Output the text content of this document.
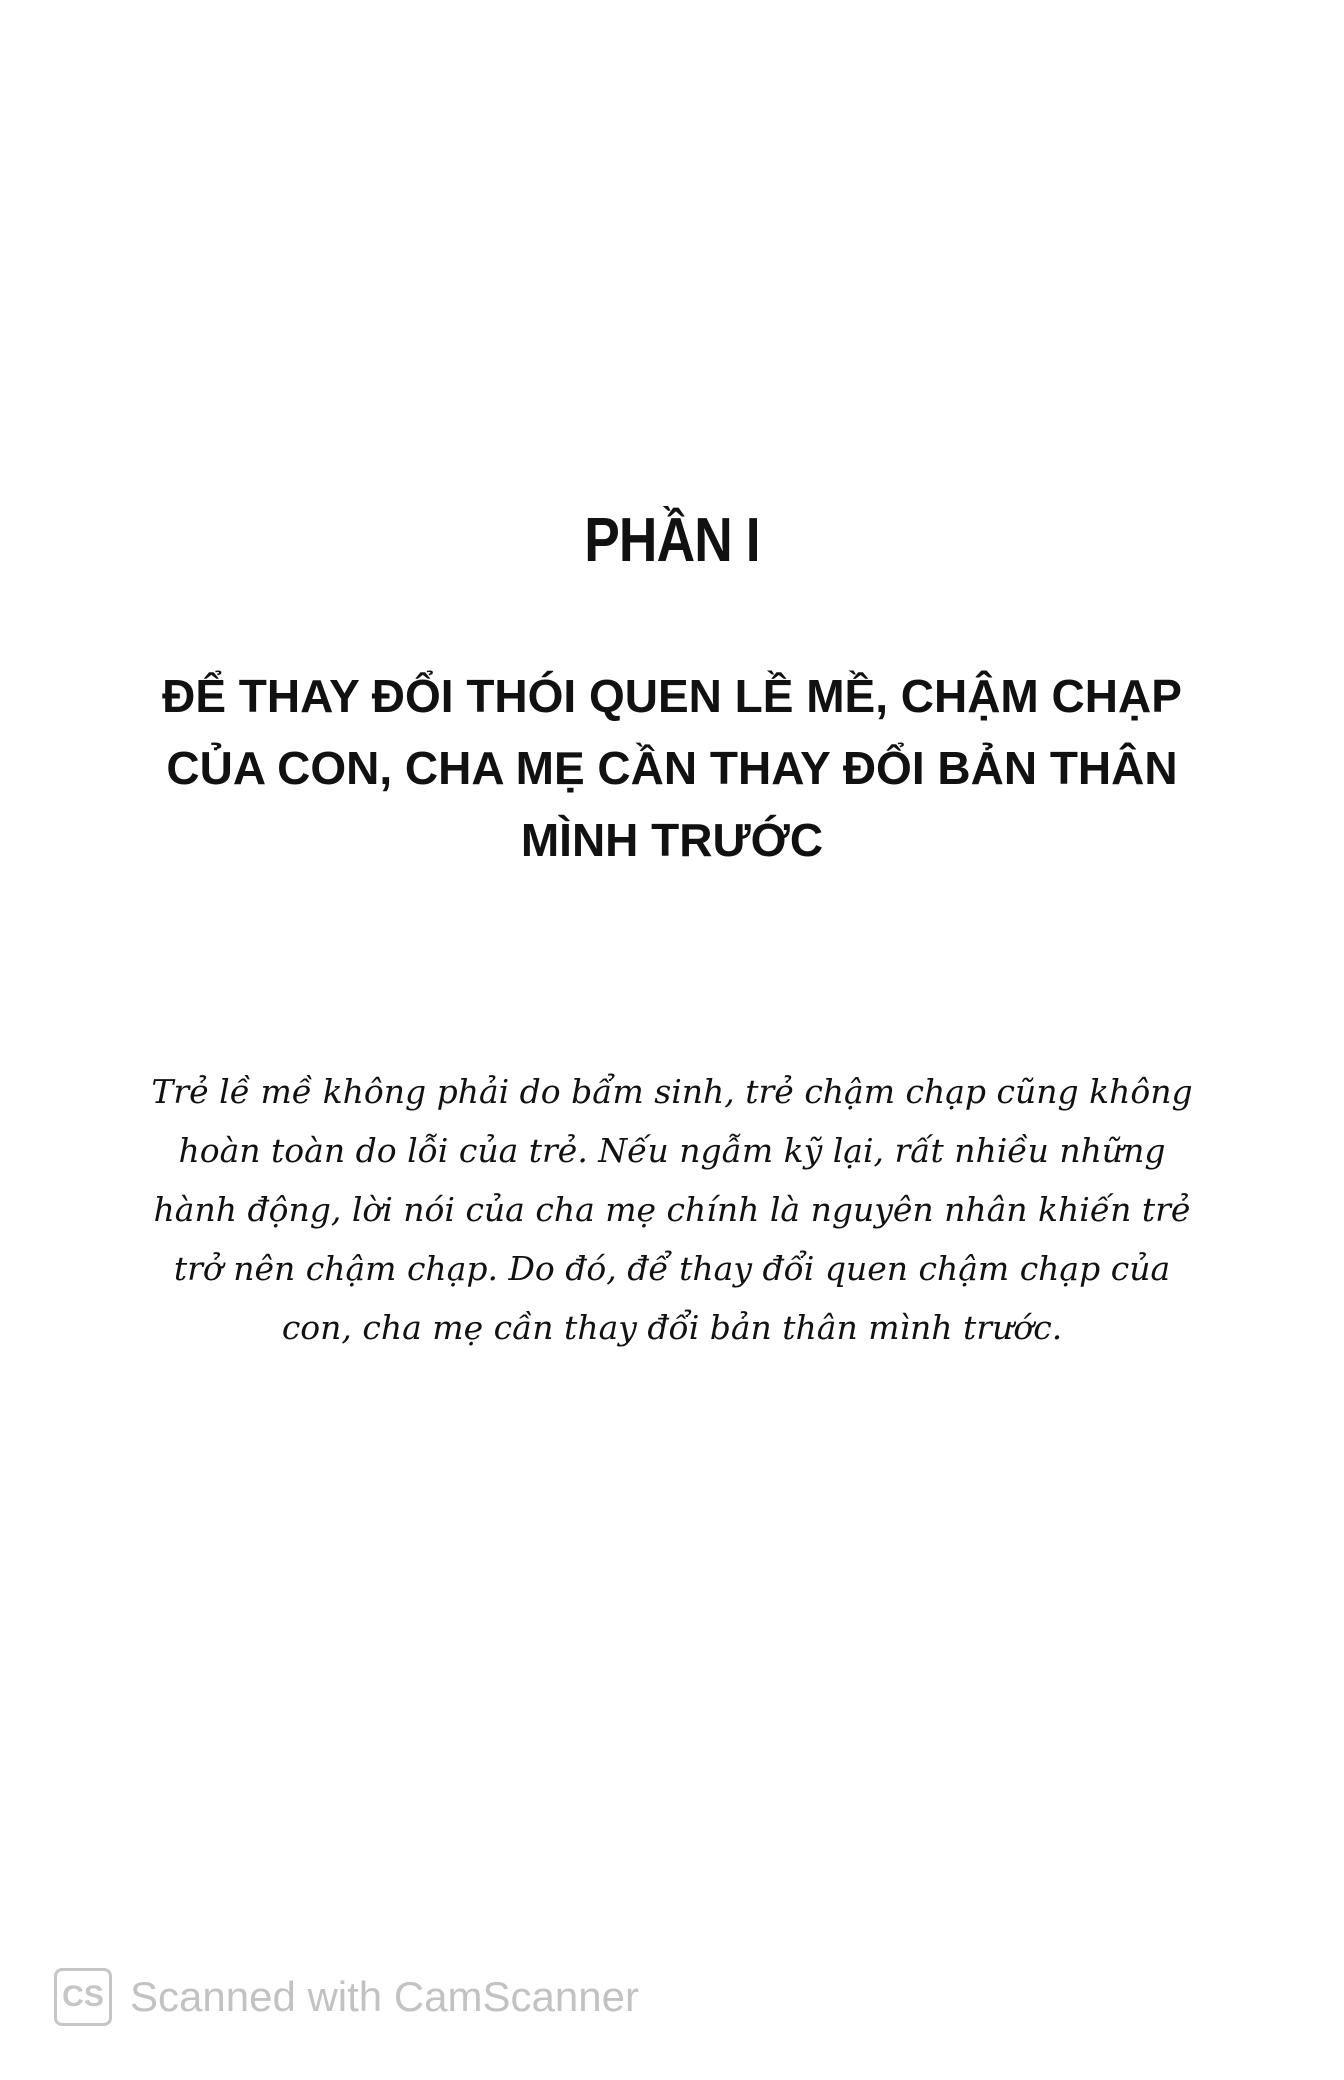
PHẦN I
ĐỂ THAY ĐỔI THÓI QUEN LỀ MỀ, CHẬM CHẠP
CỦA CON, CHA MẸ CẦN THAY ĐỔI BẢN THÂN
MÌNH TRƯỚC
Trẻ lề mề không phải do bẩm sinh, trẻ chậm chạp cũng không
hoàn toàn do lỗi của trẻ. Nếu ngẫm kỹ lại, rất nhiều những
hành động, lời nói của cha mẹ chính là nguyên nhân khiến trẻ
trở nên chậm chạp. Do đó, để thay đổi quen chậm chạp của
con, cha mẹ cần thay đổi bản thân mình trước.
CS Scanned with CamScanner
